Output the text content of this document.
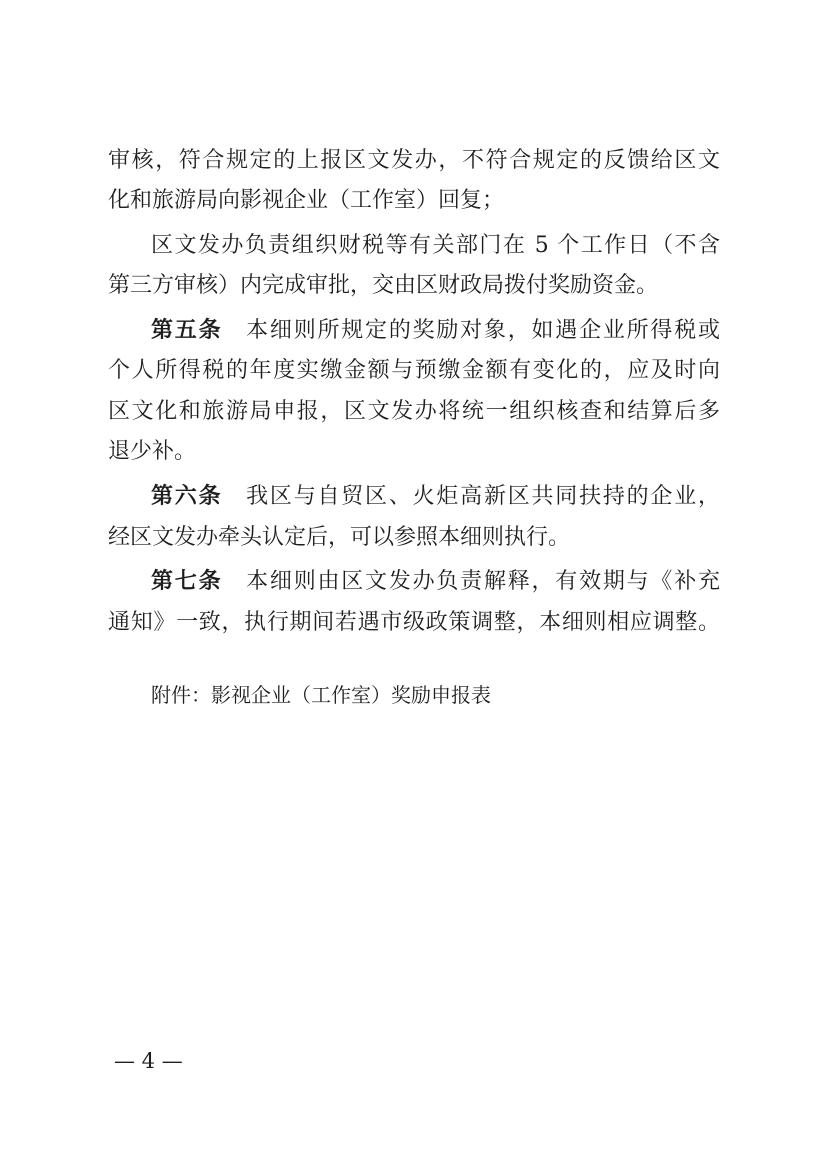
审核，符合规定的上报区文发办，不符合规定的反馈给区文
化和旅游局向影视企业（工作室）回复；
区文发办负责组织财税等有关部门在 5 个工作日（不含
第三方审核）内完成审批，交由区财政局拨付奖励资金。
第五条 本细则所规定的奖励对象，如遇企业所得税或
个人所得税的年度实缴金额与预缴金额有变化的，应及时向
区文化和旅游局申报，区文发办将统一组织核查和结算后多
退少补。
第六条 我区与自贸区、火炬高新区共同扶持的企业，
经区文发办牵头认定后，可以参照本细则执行。
第七条 本细则由区文发办负责解释，有效期与《补充
通知》一致，执行期间若遇市级政策调整，本细则相应调整。
附件：影视企业（工作室）奖励申报表
— 4 —
